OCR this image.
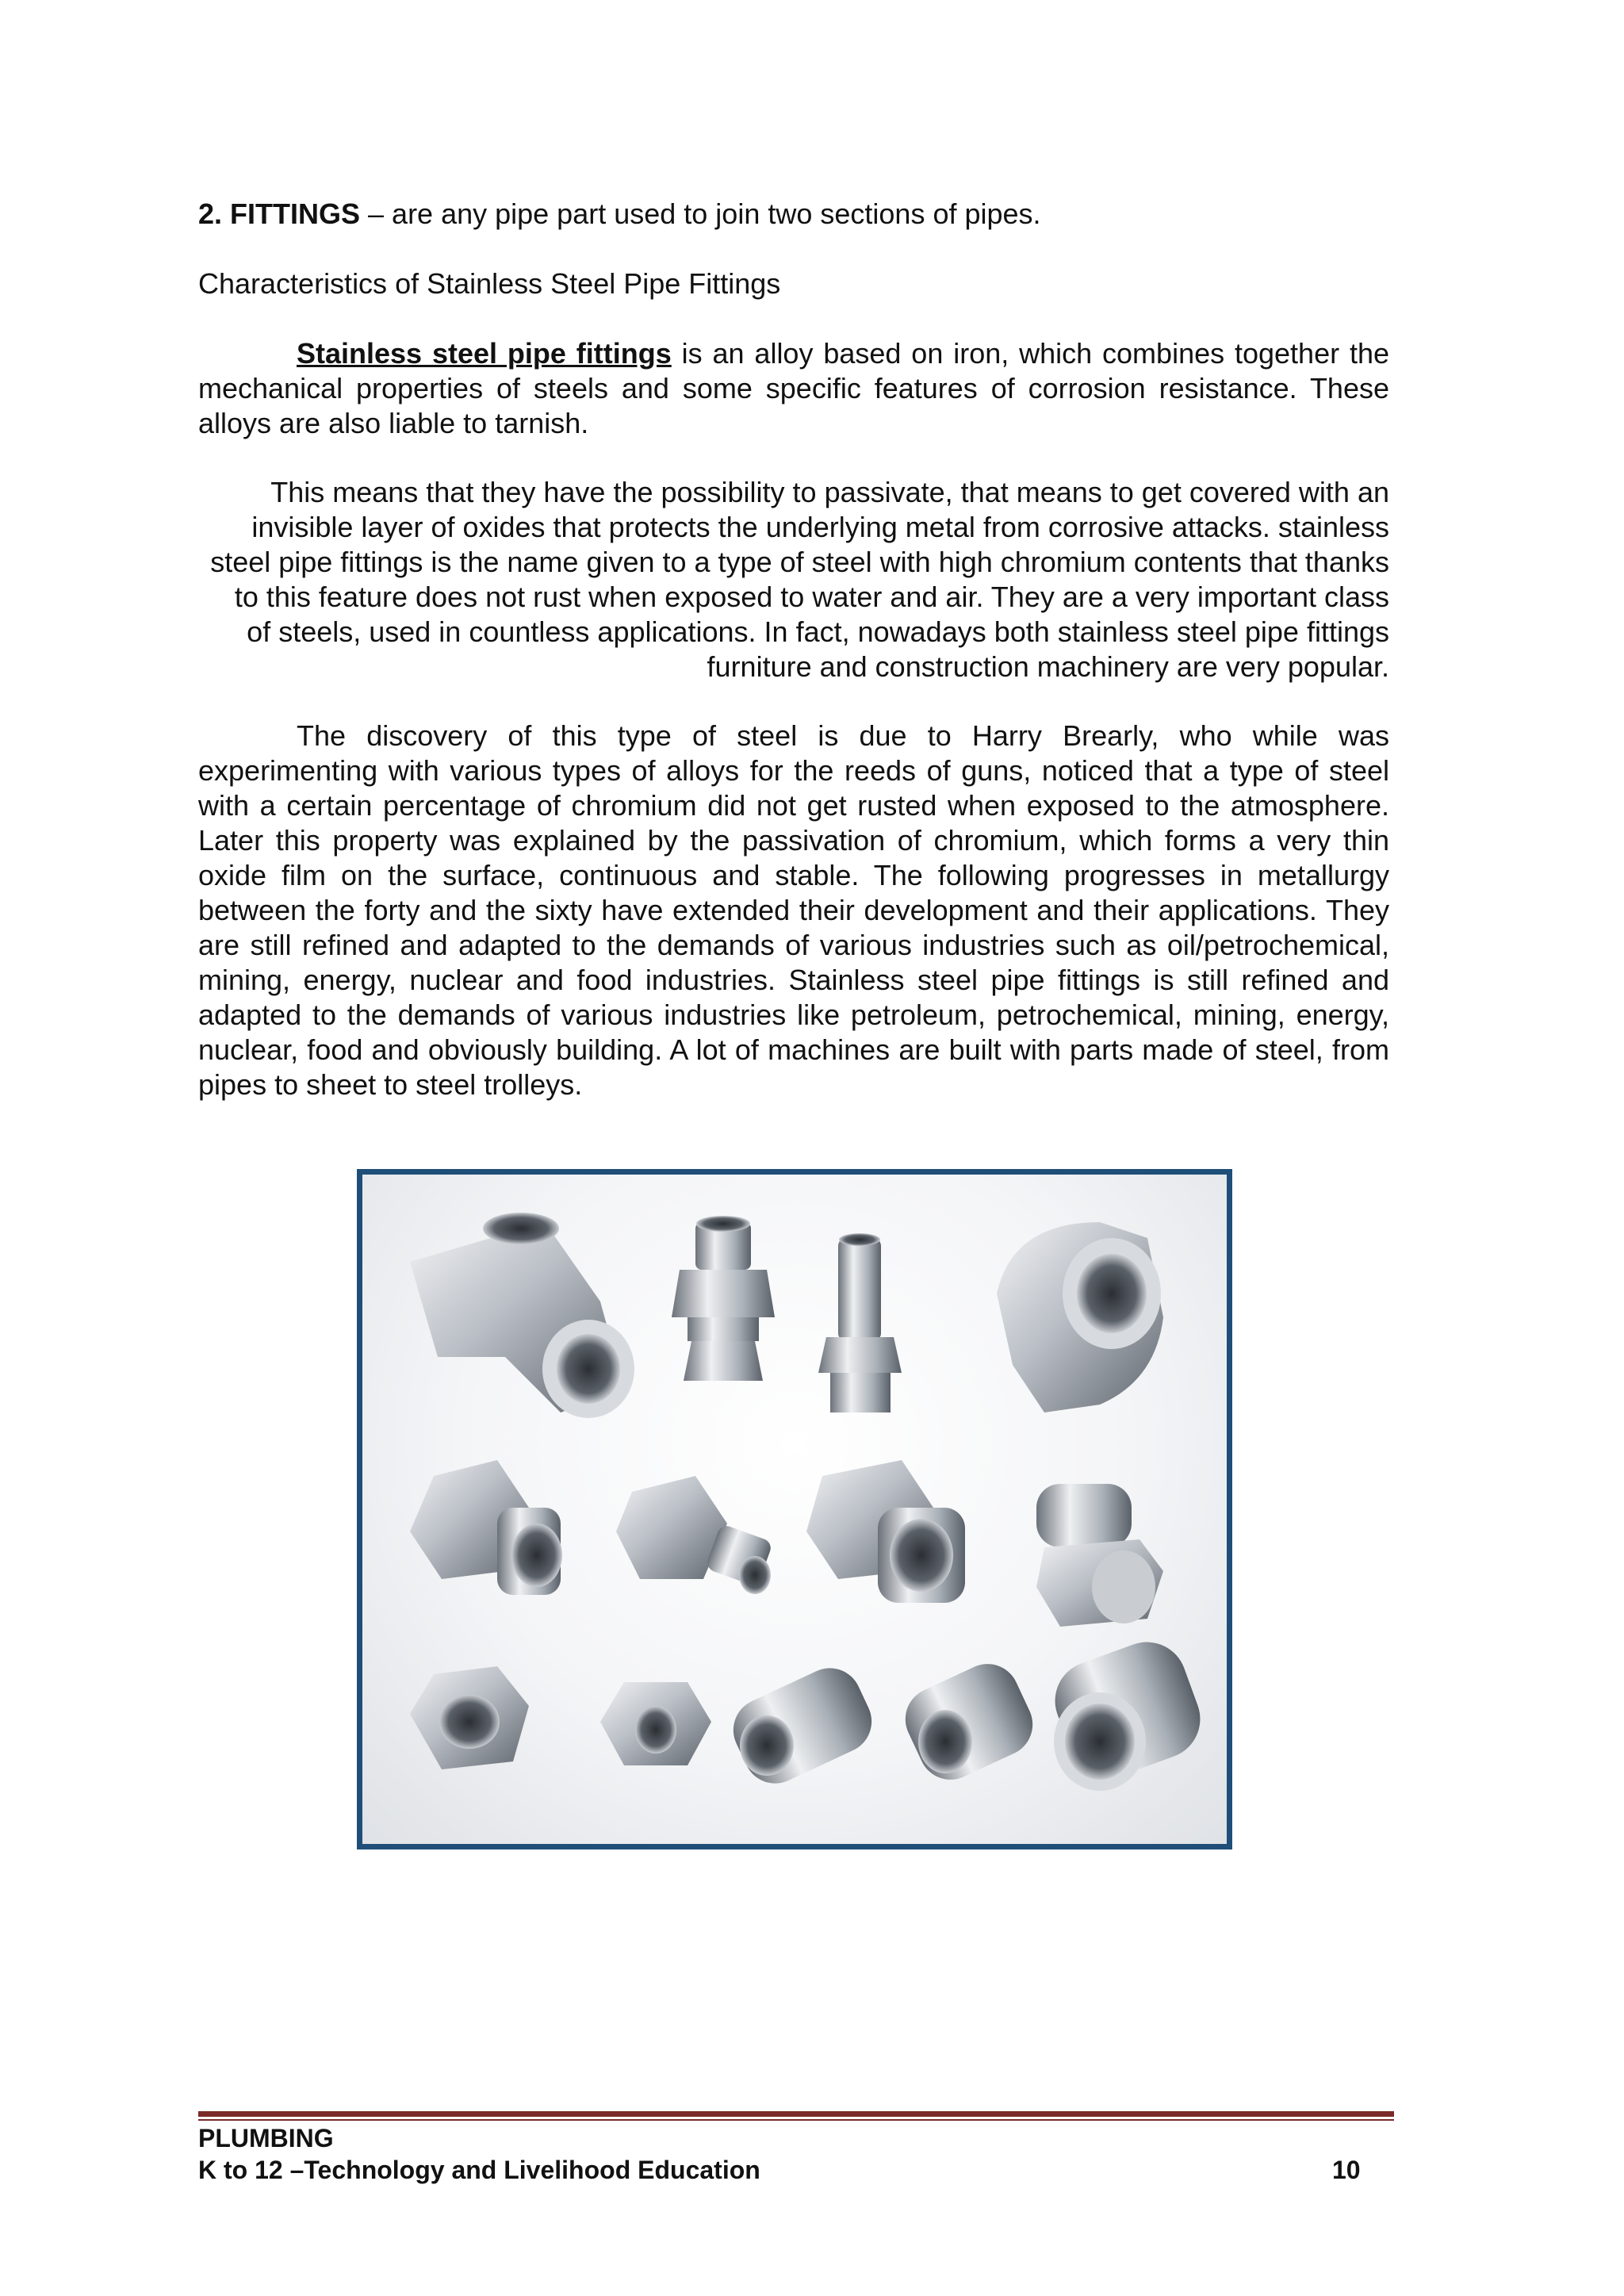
2. FITTINGS – are any pipe part used to join two sections of pipes.
Characteristics of Stainless Steel Pipe Fittings

Stainless steel pipe fittings is an alloy based on iron, which combines together the mechanical properties of steels and some specific features of corrosion resistance. These alloys are also liable to tarnish.

This means that they have the possibility to passivate, that means to get covered with an invisible layer of oxides that protects the underlying metal from corrosive attacks. stainless steel pipe fittings is the name given to a type of steel with high chromium contents that thanks to this feature does not rust when exposed to water and air. They are a very important class of steels, used in countless applications. In fact, nowadays both stainless steel pipe fittings furniture and construction machinery are very popular.

The discovery of this type of steel is due to Harry Brearly, who while was experimenting with various types of alloys for the reeds of guns, noticed that a type of steel with a certain percentage of chromium did not get rusted when exposed to the atmosphere. Later this property was explained by the passivation of chromium, which forms a very thin oxide film on the surface, continuous and stable. The following progresses in metallurgy between the forty and the sixty have extended their development and their applications. They are still refined and adapted to the demands of various industries such as oil/petrochemical, mining, energy, nuclear and food industries. Stainless steel pipe fittings is still refined and adapted to the demands of various industries like petroleum, petrochemical, mining, energy, nuclear, food and obviously building. A lot of machines are built with parts made of steel, from pipes to sheet to steel trolleys.

PLUMBING
K to 12 –Technology and Livelihood Education	10
